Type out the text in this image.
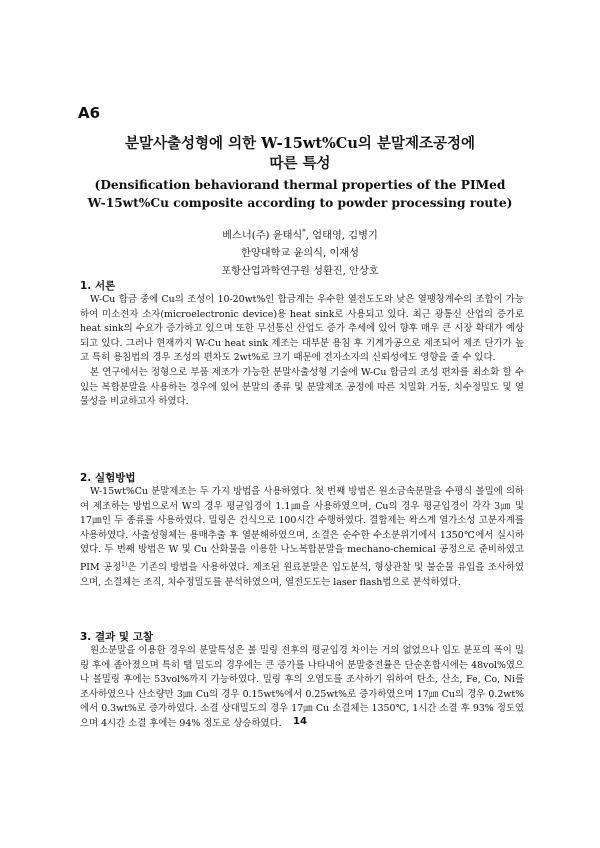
A6
분말사출성형에 의한 W-15wt%Cu의 분말제조공정에
따른 특성
(Densification behaviorand thermal properties of the PIMed
W-15wt%Cu composite according to powder processing route)
베스너(주) 윤태식*, 엄태영, 김병기
한양대학교 윤의식, 이재성
포항산업과학연구원 성환진, 안상호
1. 서론

W-Cu 합금 중에 Cu의 조성이 10-20wt%인 합금계는 우수한 열전도도와 낮은 열팽창계수의 조합이 가능하여 미소전자 소자(microelectronic device)용 heat sink로 사용되고 있다. 최근 광통신 산업의 증가로 heat sink의 수요가 증가하고 있으며 또한 무선통신 산업도 증가 추세에 있어 향후 매우 큰 시장 확대가 예상되고 있다. 그러나 현재까지 W-Cu heat sink 제조는 대부분 용침 후 기계가공으로 제조되어 제조 단가가 높고 특히 용침법의 경우 조성의 편차도 2wt%로 크기 때문에 전자소자의 신뢰성에도 영향을 줄 수 있다.

본 연구에서는 정형으로 부품 제조가 가능한 분말사출성형 기술에 W-Cu 합금의 조성 편차를 최소화 할 수 있는 복합분말을 사용하는 경우에 있어 분말의 종류 및 분말제조 공정에 따른 치밀화 거동, 치수정밀도 및 열 물성을 비교하고자 하였다.

2. 실험방법

W-15wt%Cu 분말제조는 두 가지 방법을 사용하였다. 첫 번째 방법은 원소금속분말을 수평식 볼밀에 의하여 제조하는 방법으로서 W의 경우 평균입경이 1.1㎛을 사용하였으며, Cu의 경우 평균입경이 각각 3㎛ 및 17㎛인 두 종류를 사용하였다. 밀링은 건식으로 100시간 수행하였다. 결합제는 왁스계 열가소성 고분자계를 사용하였다. 사출성형체는 용매추출 후 열분해하였으며, 소결은 순수한 수소분위기에서 1350℃에서 실시하였다. 두 번째 방법은 W 및 Cu 산화물을 이용한 나노복합분말을 mechano-chemical 공정으로 준비하였고 PIM 공정$^{1)}$은 기존의 방법을 사용하였다. 제조된 원료분말은 입도분석, 형상관찰 및 불순물 유입을 조사하였으며, 소결체는 조직, 치수정밀도를 분석하였으며, 열전도도는 laser flash법으로 분석하였다.

3. 결과 및 고찰

원소분말을 이용한 경우의 분말특성은 볼 밀링 전후의 평균입경 차이는 거의 없었으나 입도 분포의 폭이 밀링 후에 좁아졌으며 특히 탭 밀도의 경우에는 큰 증가를 나타내어 분말충전률은 단순혼합시에는 48vol%였으나 볼밀링 후에는 53vol%까지 가능하였다. 밀링 후의 오염도를 조사하기 위하여 탄소, 산소, Fe, Co, Ni를 조사하였으나 산소량만 3㎛ Cu의 경우 0.15wt%에서 0.25wt%로 증가하였으며 17㎛ Cu의 경우 0.2wt%에서 0.3wt%로 증가하였다. 소결 상대밀도의 경우 17㎛ Cu 소결체는 1350℃, 1시간 소결 후 93% 정도였으며 4시간 소결 후에는 94% 정도로 상승하였다.	14
